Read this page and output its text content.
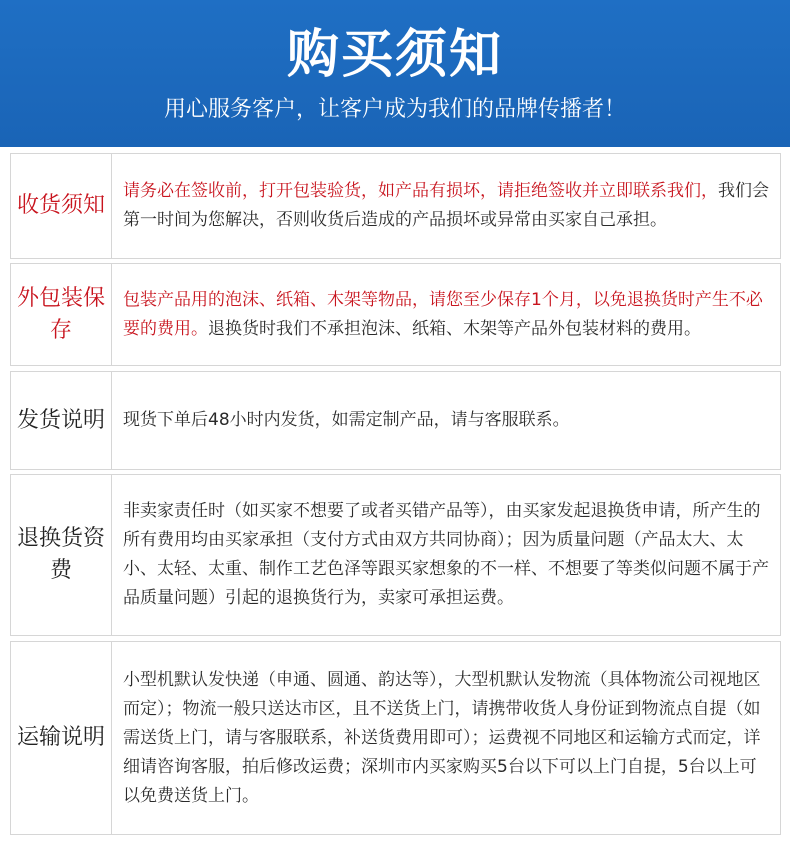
购买须知
用心服务客户，让客户成为我们的品牌传播者！
收货须知

请务必在签收前，打开包装验货，如产品有损坏，请拒绝签收并立即联系我们，我们会第一时间为您解决，否则收货后造成的产品损坏或异常由买家自己承担。

外包装保存

包装产品用的泡沫、纸箱、木架等物品，请您至少保存1个月，以免退换货时产生不必要的费用。退换货时我们不承担泡沫、纸箱、木架等产品外包装材料的费用。

发货说明 现货下单后48小时内发货，如需定制产品，请与客服联系。

退换货资费

非卖家责任时（如买家不想要了或者买错产品等），由买家发起退换货申请，所产生的所有费用均由买家承担（支付方式由双方共同协商）；因为质量问题（产品太大、太小、太轻、太重、制作工艺色泽等跟买家想象的不一样、不想要了等类似问题不属于产品质量问题）引起的退换货行为，卖家可承担运费。

运输说明

小型机默认发快递（申通、圆通、韵达等），大型机默认发物流（具体物流公司视地区而定）；物流一般只送达市区，且不送货上门，请携带收货人身份证到物流点自提（如需送货上门，请与客服联系，补送货费用即可）；运费视不同地区和运输方式而定，详细请咨询客服，拍后修改运费；深圳市内买家购买5台以下可以上门自提，5台以上可以免费送货上门。
